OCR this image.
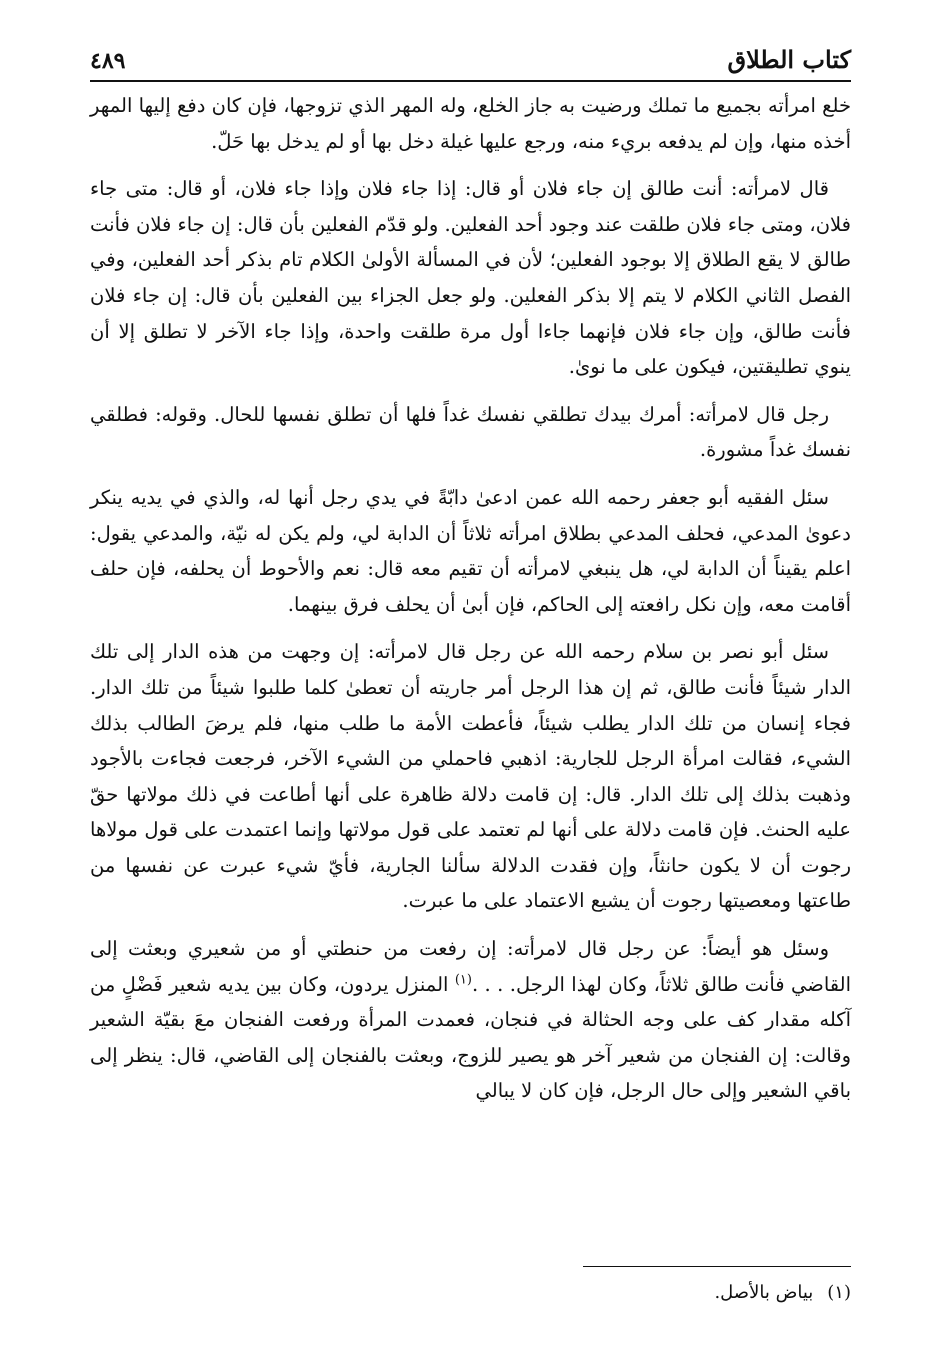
كتاب الطلاق
٤٨٩

خلع امرأته بجميع ما تملك ورضيت به جاز الخلع، وله المهر الذي تزوجها، فإن كان دفع إليها المهر أخذه منها، وإن لم يدفعه بريء منه، ورجع عليها غيلة دخل بها أو لم يدخل بها حَلّ.

قال لامرأته: أنت طالق إن جاء فلان أو قال: إذا جاء فلان وإذا جاء فلان، أو قال: متى جاء فلان، ومتى جاء فلان طلقت عند وجود أحد الفعلين. ولو قدّم الفعلين بأن قال: إن جاء فلان فأنت طالق لا يقع الطلاق إلا بوجود الفعلين؛ لأن في المسألة الأولىٰ الكلام تام بذكر أحد الفعلين، وفي الفصل الثاني الكلام لا يتم إلا بذكر الفعلين. ولو جعل الجزاء بين الفعلين بأن قال: إن جاء فلان فأنت طالق، وإن جاء فلان فإنهما جاءا أول مرة طلقت واحدة، وإذا جاء الآخر لا تطلق إلا أن ينوي تطليقتين، فيكون على ما نوىٰ.

رجل قال لامرأته: أمرك بيدك تطلقي نفسك غداً فلها أن تطلق نفسها للحال. وقوله: فطلقي نفسك غداً مشورة.

سئل الفقيه أبو جعفر رحمه الله عمن ادعىٰ دابّةً في يدي رجل أنها له، والذي في يديه ينكر دعوىٰ المدعي، فحلف المدعي بطلاق امرأته ثلاثاً أن الدابة لي، ولم يكن له نيّة، والمدعي يقول: اعلم يقيناً أن الدابة لي، هل ينبغي لامرأته أن تقيم معه قال: نعم والأحوط أن يحلفه، فإن حلف أقامت معه، وإن نكل رافعته إلى الحاكم، فإن أبىٰ أن يحلف فرق بينهما.

سئل أبو نصر بن سلام رحمه الله عن رجل قال لامرأته: إن وجهت من هذه الدار إلى تلك الدار شيئاً فأنت طالق، ثم إن هذا الرجل أمر جاريته أن تعطىٰ كلما طلبوا شيئاً من تلك الدار. فجاء إنسان من تلك الدار يطلب شيئاً، فأعطت الأمة ما طلب منها، فلم يرضَ الطالب بذلك الشيء، فقالت امرأة الرجل للجارية: اذهبي فاحملي من الشيء الآخر، فرجعت فجاءت بالأجود وذهبت بذلك إلى تلك الدار. قال: إن قامت دلالة ظاهرة على أنها أطاعت في ذلك مولاتها حقّ عليه الحنث. فإن قامت دلالة على أنها لم تعتمد على قول مولاتها وإنما اعتمدت على قول مولاها رجوت أن لا يكون حانثاً، وإن فقدت الدلالة سألنا الجارية، فأيّ شيء عبرت عن نفسها من طاعتها ومعصيتها رجوت أن يشيع الاعتماد على ما عبرت.

وسئل هو أيضاً: عن رجل قال لامرأته: إن رفعت من حنطتي أو من شعيري وبعثت إلى القاضي فأنت طالق ثلاثاً، وكان لهذا الرجل. . . .$^{(١)}$ المنزل يردون، وكان بين يديه شعير فَضْلٍ من آكله مقدار كف على وجه الحثالة في فنجان، فعمدت المرأة ورفعت الفنجان معَ بقيّة الشعير وقالت: إن الفنجان من شعير آخر هو يصير للزوج، وبعثت بالفنجان إلى القاضي، قال: ينظر إلى باقي الشعير وإلى حال الرجل، فإن كان لا يبالي

(١)بياض بالأصل.
